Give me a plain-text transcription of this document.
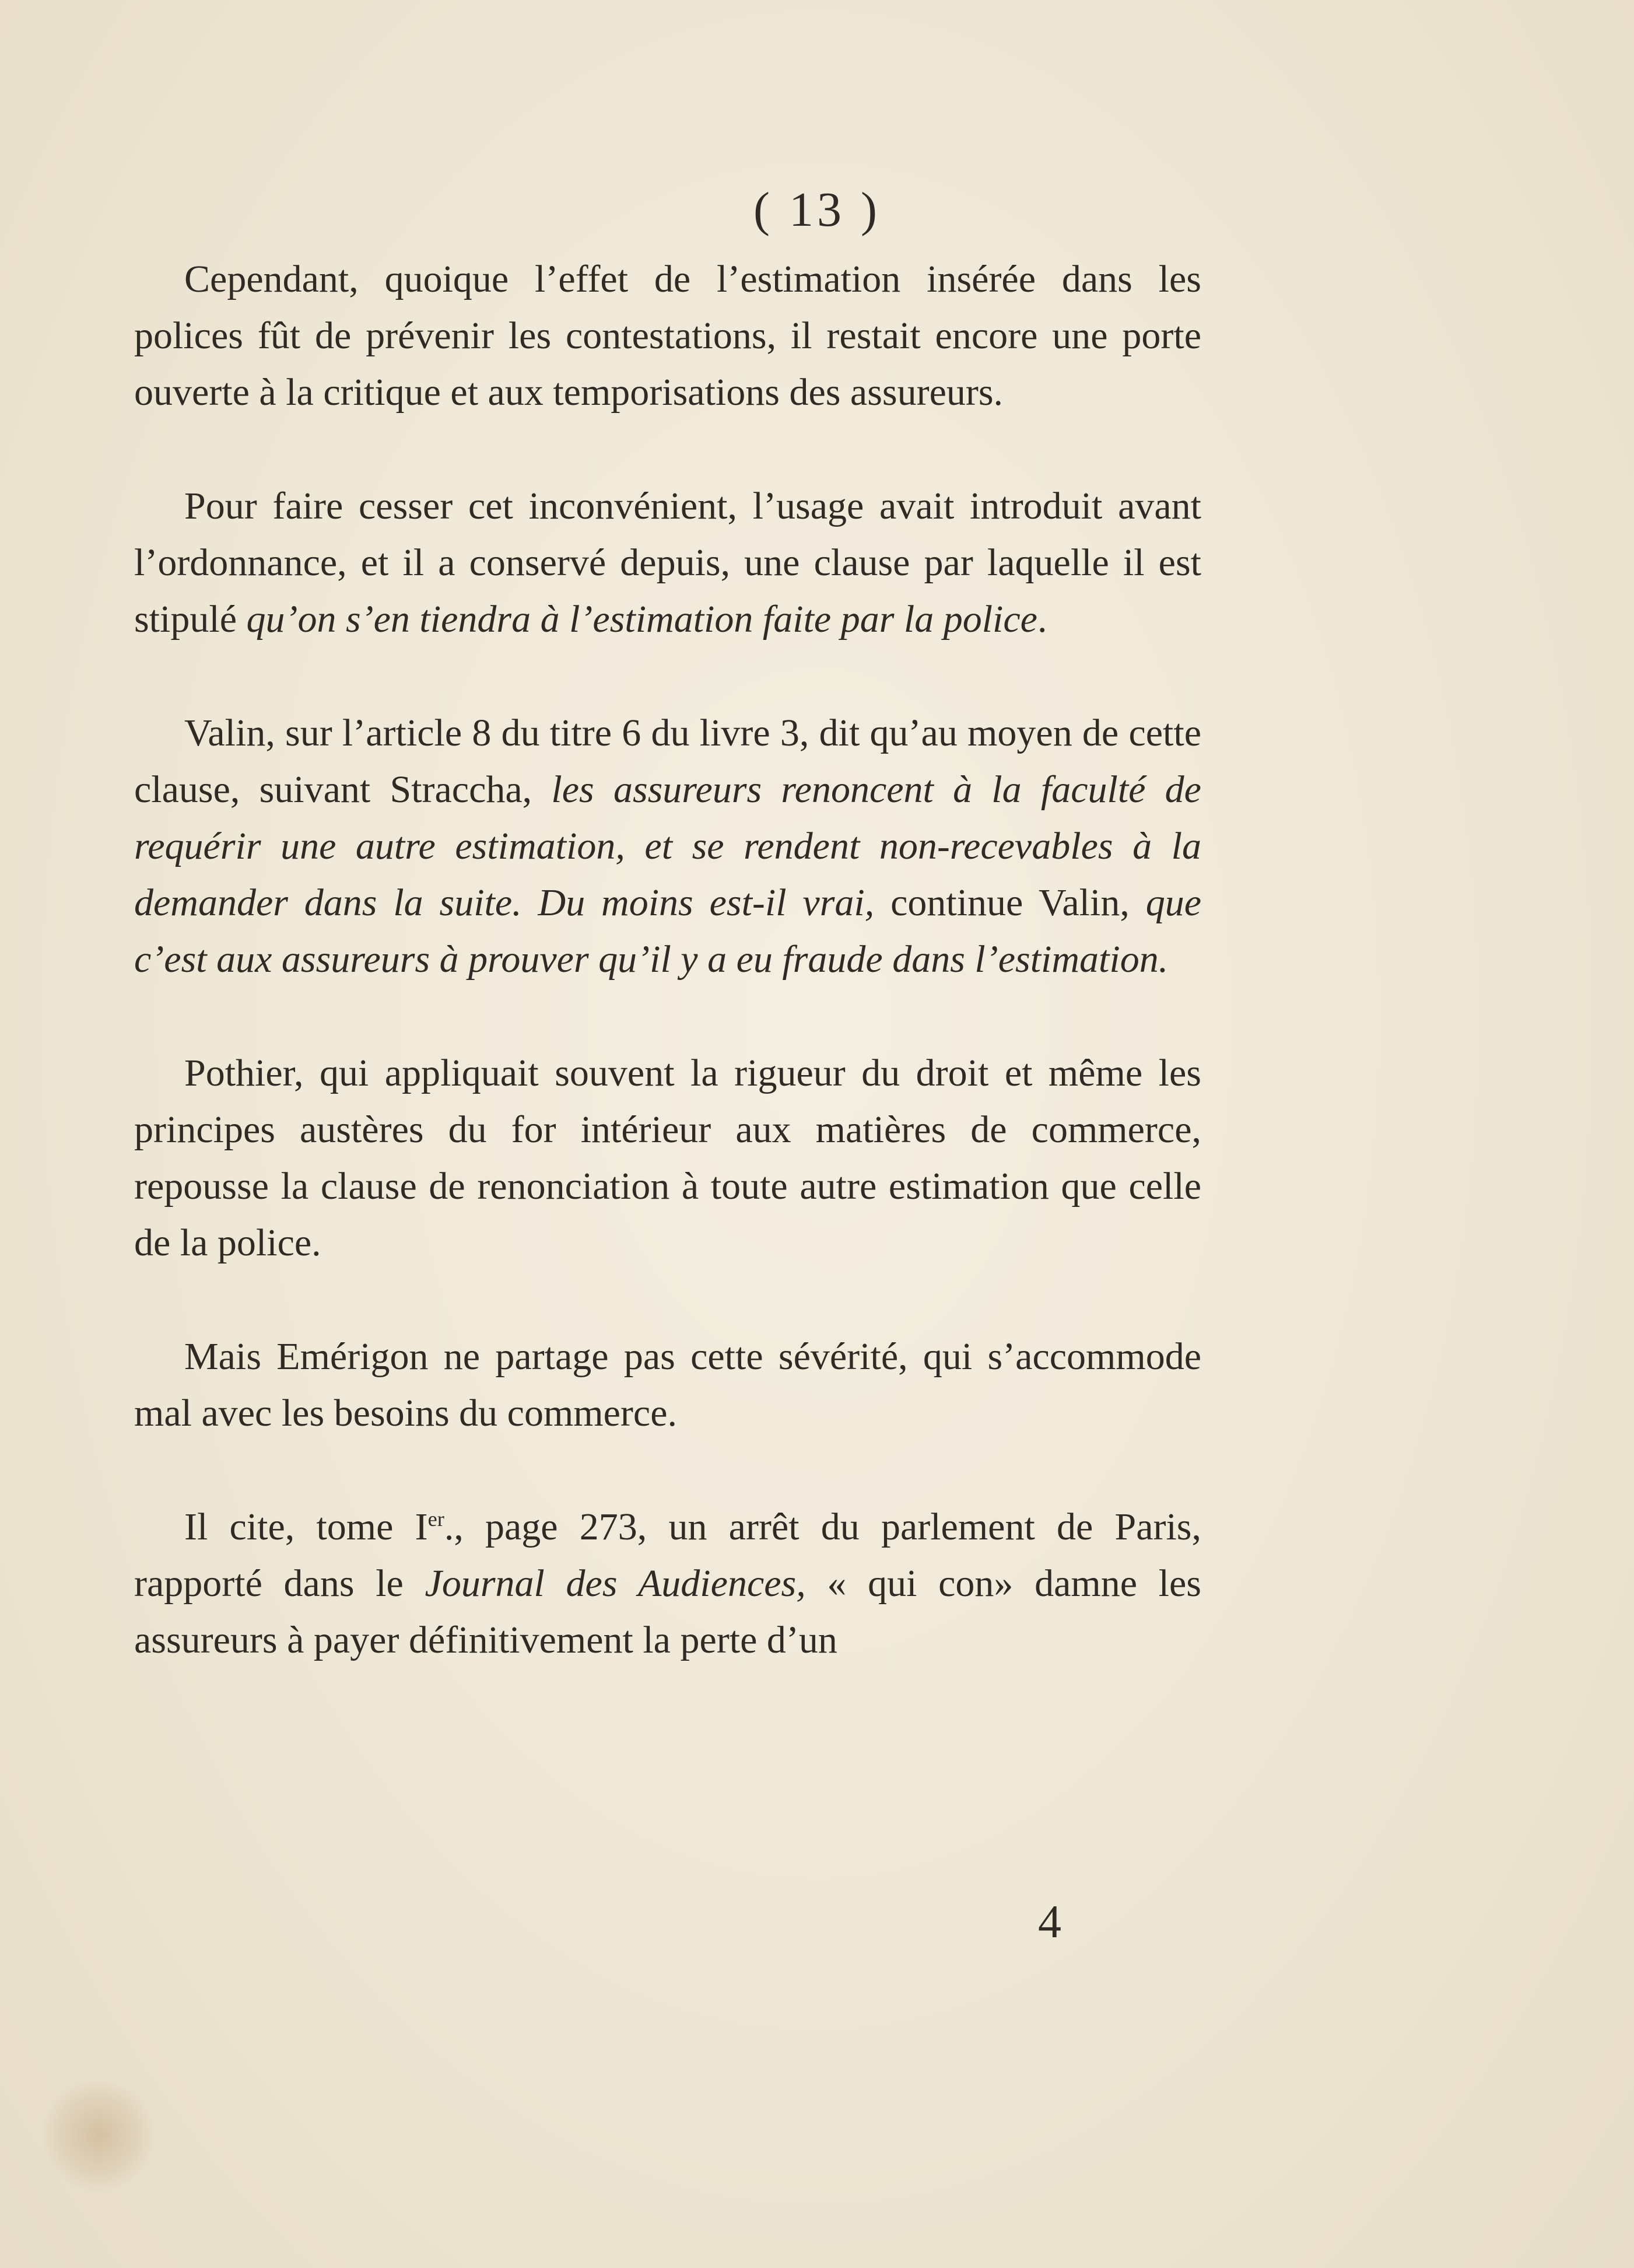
( 13 )

Cependant, quoique l’effet de l’estimation insérée dans les polices fût de prévenir les contestations, il restait encore une porte ouverte à la critique et aux temporisations des assureurs.

Pour faire cesser cet inconvénient, l’usage avait introduit avant l’ordonnance, et il a conservé depuis, une clause par laquelle il est stipulé qu’on s’en tiendra à l’estimation faite par la police.

Valin, sur l’article 8 du titre 6 du livre 3, dit qu’au moyen de cette clause, suivant Straccha, les assureurs renoncent à la faculté de requérir une autre estimation, et se rendent non-recevables à la demander dans la suite. Du moins est-il vrai, continue Valin, que c’est aux assureurs à prouver qu’il y a eu fraude dans l’estimation.

Pothier, qui appliquait souvent la rigueur du droit et même les principes austères du for intérieur aux matières de commerce, repousse la clause de renonciation à toute autre estimation que celle de la police.

Mais Emérigon ne partage pas cette sévérité, qui s’accommode mal avec les besoins du commerce.

Il cite, tome Ier., page 273, un arrêt du parlement de Paris, rapporté dans le Journal des Audiences, « qui con» damne les assureurs à payer définitivement la perte d’un

4
